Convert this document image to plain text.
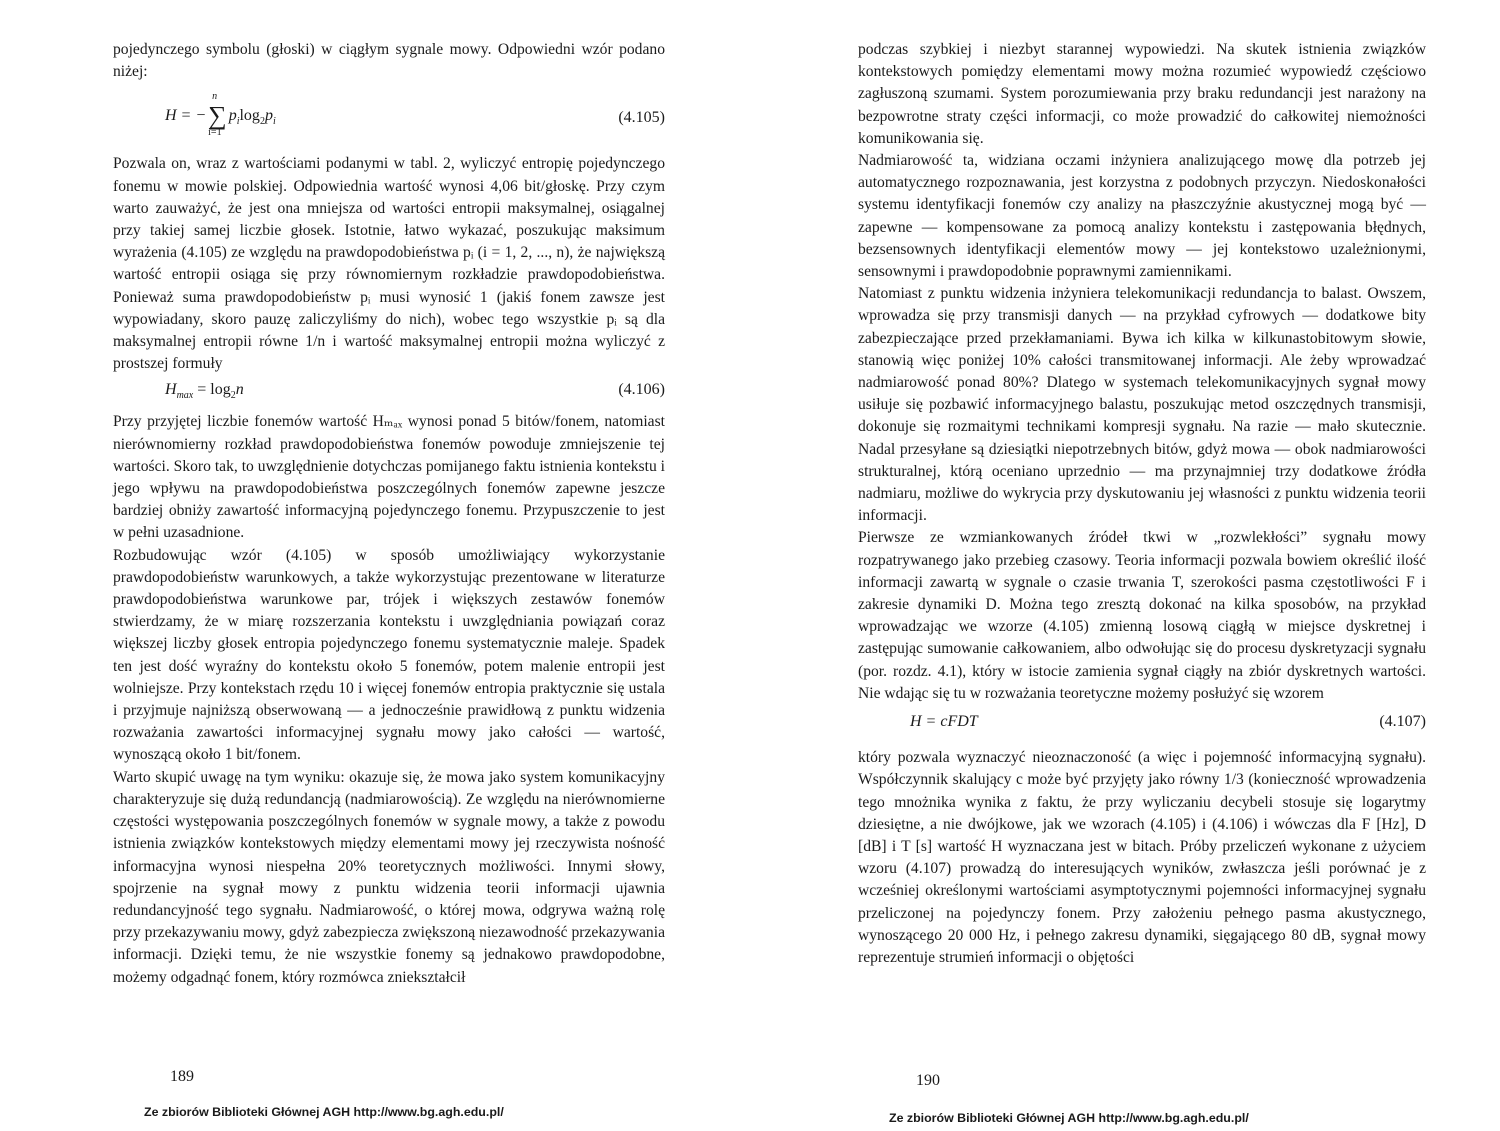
pojedynczego symbolu (głoski) w ciągłym sygnale mowy. Odpowiedni wzór podano niżej:

H = −∑
n
i=1
$p_i\log_2p_i$	(4.105)

Pozwala on, wraz z wartościami podanymi w tabl. 2, wyliczyć entropię pojedynczego fonemu w mowie polskiej. Odpowiednia wartość wynosi 4,06 bit/głoskę. Przy czym warto zauważyć, że jest ona mniejsza od wartości entropii maksymalnej, osiągalnej przy takiej samej liczbie głosek. Istotnie, łatwo wykazać, poszukując maksimum wyrażenia (4.105) ze względu na prawdopodobieństwa pᵢ (i = 1, 2, ..., n), że największą wartość entropii osiąga się przy równomiernym rozkładzie prawdopodobieństwa. Ponieważ suma prawdopodobieństw pᵢ musi wynosić 1 (jakiś fonem zawsze jest wypowiadany, skoro pauzę zaliczyliśmy do nich), wobec tego wszystkie pᵢ są dla maksymalnej entropii równe 1/n i wartość maksymalnej entropii można wyliczyć z prostszej formuły

$H_{max} = \log_2n$	(4.106)

Przy przyjętej liczbie fonemów wartość Hₘₐₓ wynosi ponad 5 bitów/fonem, natomiast nierównomierny rozkład prawdopodobieństwa fonemów powoduje zmniejszenie tej wartości. Skoro tak, to uwzględnienie dotychczas pomijanego faktu istnienia kontekstu i jego wpływu na prawdopodobieństwa poszczególnych fonemów zapewne jeszcze bardziej obniży zawartość informacyjną pojedynczego fonemu. Przypuszczenie to jest w pełni uzasadnione.

Rozbudowując wzór (4.105) w sposób umożliwiający wykorzystanie prawdopodobieństw warunkowych, a także wykorzystując prezentowane w literaturze prawdopodobieństwa warunkowe par, trójek i większych zestawów fonemów stwierdzamy, że w miarę rozszerzania kontekstu i uwzględniania powiązań coraz większej liczby głosek entropia pojedynczego fonemu systematycznie maleje. Spadek ten jest dość wyraźny do kontekstu około 5 fonemów, potem malenie entropii jest wolniejsze. Przy kontekstach rzędu 10 i więcej fonemów entropia praktycznie się ustala i przyjmuje najniższą obserwowaną — a jednocześnie prawidłową z punktu widzenia rozważania zawartości informacyjnej sygnału mowy jako całości — wartość, wynoszącą około 1 bit/fonem.

Warto skupić uwagę na tym wyniku: okazuje się, że mowa jako system komunikacyjny charakteryzuje się dużą redundancją (nadmiarowością). Ze względu na nierównomierne częstości występowania poszczególnych fonemów w sygnale mowy, a także z powodu istnienia związków kontekstowych między elementami mowy jej rzeczywista nośność informacyjna wynosi niespełna 20% teoretycznych możliwości. Innymi słowy, spojrzenie na sygnał mowy z punktu widzenia teorii informacji ujawnia redundancyjność tego sygnału. Nadmiarowość, o której mowa, odgrywa ważną rolę przy przekazywaniu mowy, gdyż zabezpiecza zwiększoną niezawodność przekazywania informacji. Dzięki temu, że nie wszystkie fonemy są jednakowo prawdopodobne, możemy odgadnąć fonem, który rozmówca zniekształcił

189
Ze zbiorów Biblioteki Głównej AGH http://www.bg.agh.edu.pl/

podczas szybkiej i niezbyt starannej wypowiedzi. Na skutek istnienia związków kontekstowych pomiędzy elementami mowy można rozumieć wypowiedź częściowo zagłuszoną szumami. System porozumiewania przy braku redundancji jest narażony na bezpowrotne straty części informacji, co może prowadzić do całkowitej niemożności komunikowania się.

Nadmiarowość ta, widziana oczami inżyniera analizującego mowę dla potrzeb jej automatycznego rozpoznawania, jest korzystna z podobnych przyczyn. Niedoskonałości systemu identyfikacji fonemów czy analizy na płaszczyźnie akustycznej mogą być — zapewne — kompensowane za pomocą analizy kontekstu i zastępowania błędnych, bezsensownych identyfikacji elementów mowy — jej kontekstowo uzależnionymi, sensownymi i prawdopodobnie poprawnymi zamiennikami.

Natomiast z punktu widzenia inżyniera telekomunikacji redundancja to balast. Owszem, wprowadza się przy transmisji danych — na przykład cyfrowych — dodatkowe bity zabezpieczające przed przekłamaniami. Bywa ich kilka w kilkunastobitowym słowie, stanowią więc poniżej 10% całości transmitowanej informacji. Ale żeby wprowadzać nadmiarowość ponad 80%? Dlatego w systemach telekomunikacyjnych sygnał mowy usiłuje się pozbawić informacyjnego balastu, poszukując metod oszczędnych transmisji, dokonuje się rozmaitymi technikami kompresji sygnału. Na razie — mało skutecznie. Nadal przesyłane są dziesiątki niepotrzebnych bitów, gdyż mowa — obok nadmiarowości strukturalnej, którą oceniano uprzednio — ma przynajmniej trzy dodatkowe źródła nadmiaru, możliwe do wykrycia przy dyskutowaniu jej własności z punktu widzenia teorii informacji.

Pierwsze ze wzmiankowanych źródeł tkwi w „rozwlekłości” sygnału mowy rozpatrywanego jako przebieg czasowy. Teoria informacji pozwala bowiem określić ilość informacji zawartą w sygnale o czasie trwania T, szerokości pasma częstotliwości F i zakresie dynamiki D. Można tego zresztą dokonać na kilka sposobów, na przykład wprowadzając we wzorze (4.105) zmienną losową ciągłą w miejsce dyskretnej i zastępując sumowanie całkowaniem, albo odwołując się do procesu dyskretyzacji sygnału (por. rozdz. 4.1), który w istocie zamienia sygnał ciągły na zbiór dyskretnych wartości. Nie wdając się tu w rozważania teoretyczne możemy posłużyć się wzorem

H = cFDT	(4.107)

który pozwala wyznaczyć nieoznaczoność (a więc i pojemność informacyjną sygnału). Współczynnik skalujący c może być przyjęty jako równy 1/3 (konieczność wprowadzenia tego mnożnika wynika z faktu, że przy wyliczaniu decybeli stosuje się logarytmy dziesiętne, a nie dwójkowe, jak we wzorach (4.105) i (4.106) i wówczas dla F [Hz], D [dB] i T [s] wartość H wyznaczana jest w bitach. Próby przeliczeń wykonane z użyciem wzoru (4.107) prowadzą do interesujących wyników, zwłaszcza jeśli porównać je z wcześniej określonymi wartościami asymptotycznymi pojemności informacyjnej sygnału przeliczonej na pojedynczy fonem. Przy założeniu pełnego pasma akustycznego, wynoszącego 20 000 Hz, i pełnego zakresu dynamiki, sięgającego 80 dB, sygnał mowy reprezentuje strumień informacji o objętości

190
Ze zbiorów Biblioteki Głównej AGH http://www.bg.agh.edu.pl/
